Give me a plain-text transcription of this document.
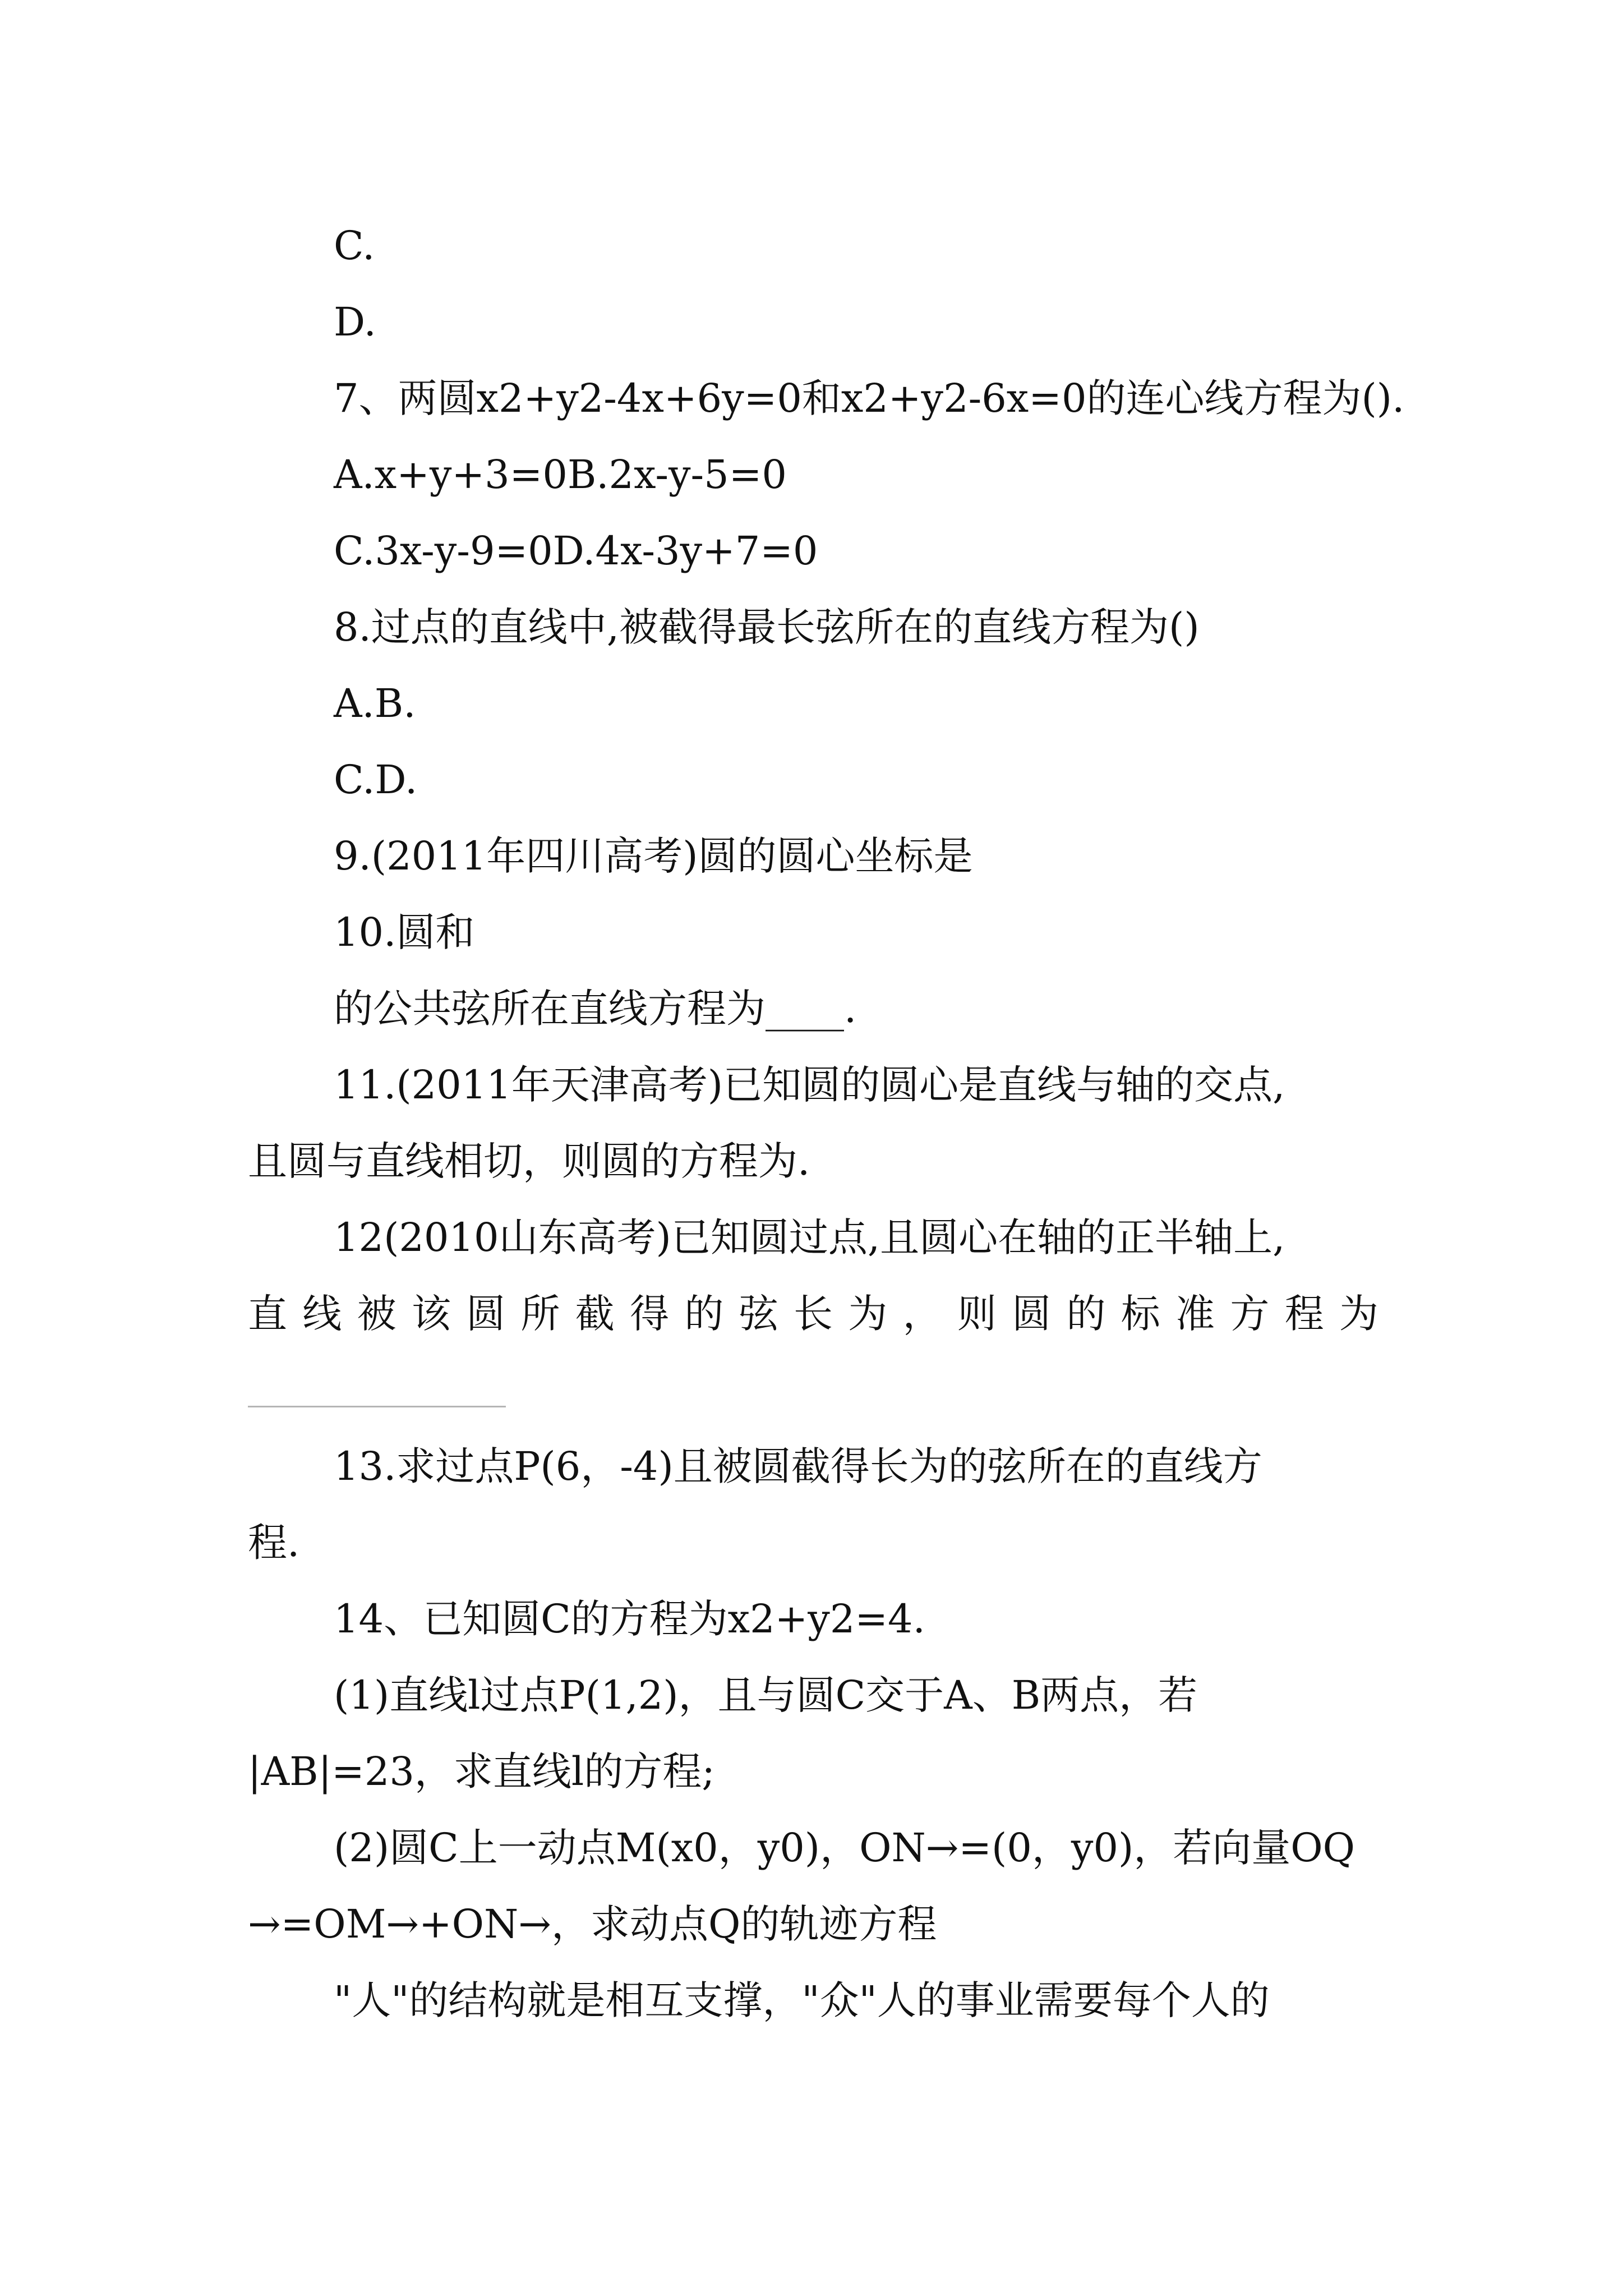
C.

D.

7、两圆x2+y2-4x+6y=0和x2+y2-6x=0的连心线方程为().

A.x+y+3=0B.2x-y-5=0

C.3x-y-9=0D.4x-3y+7=0

8.过点的直线中,被截得最长弦所在的直线方程为()

A.B.

C.D.

9.(2011年四川高考)圆的圆心坐标是

10.圆和

的公共弦所在直线方程为____.

11.(2011年天津高考)已知圆的圆心是直线与轴的交点,

且圆与直线相切，则圆的方程为.

12(2010山东高考)已知圆过点,且圆心在轴的正半轴上,

直线被该圆所截得的弦长为，则圆的标准方程为

13.求过点P(6，-4)且被圆截得长为的弦所在的直线方

程.

14、已知圆C的方程为x2+y2=4.

(1)直线l过点P(1,2)，且与圆C交于A、B两点，若

|AB|=23，求直线l的方程;

(2)圆C上一动点M(x0，y0)，ON→=(0，y0)，若向量OQ

→=OM→+ON→，求动点Q的轨迹方程

"人"的结构就是相互支撑，"众"人的事业需要每个人的
